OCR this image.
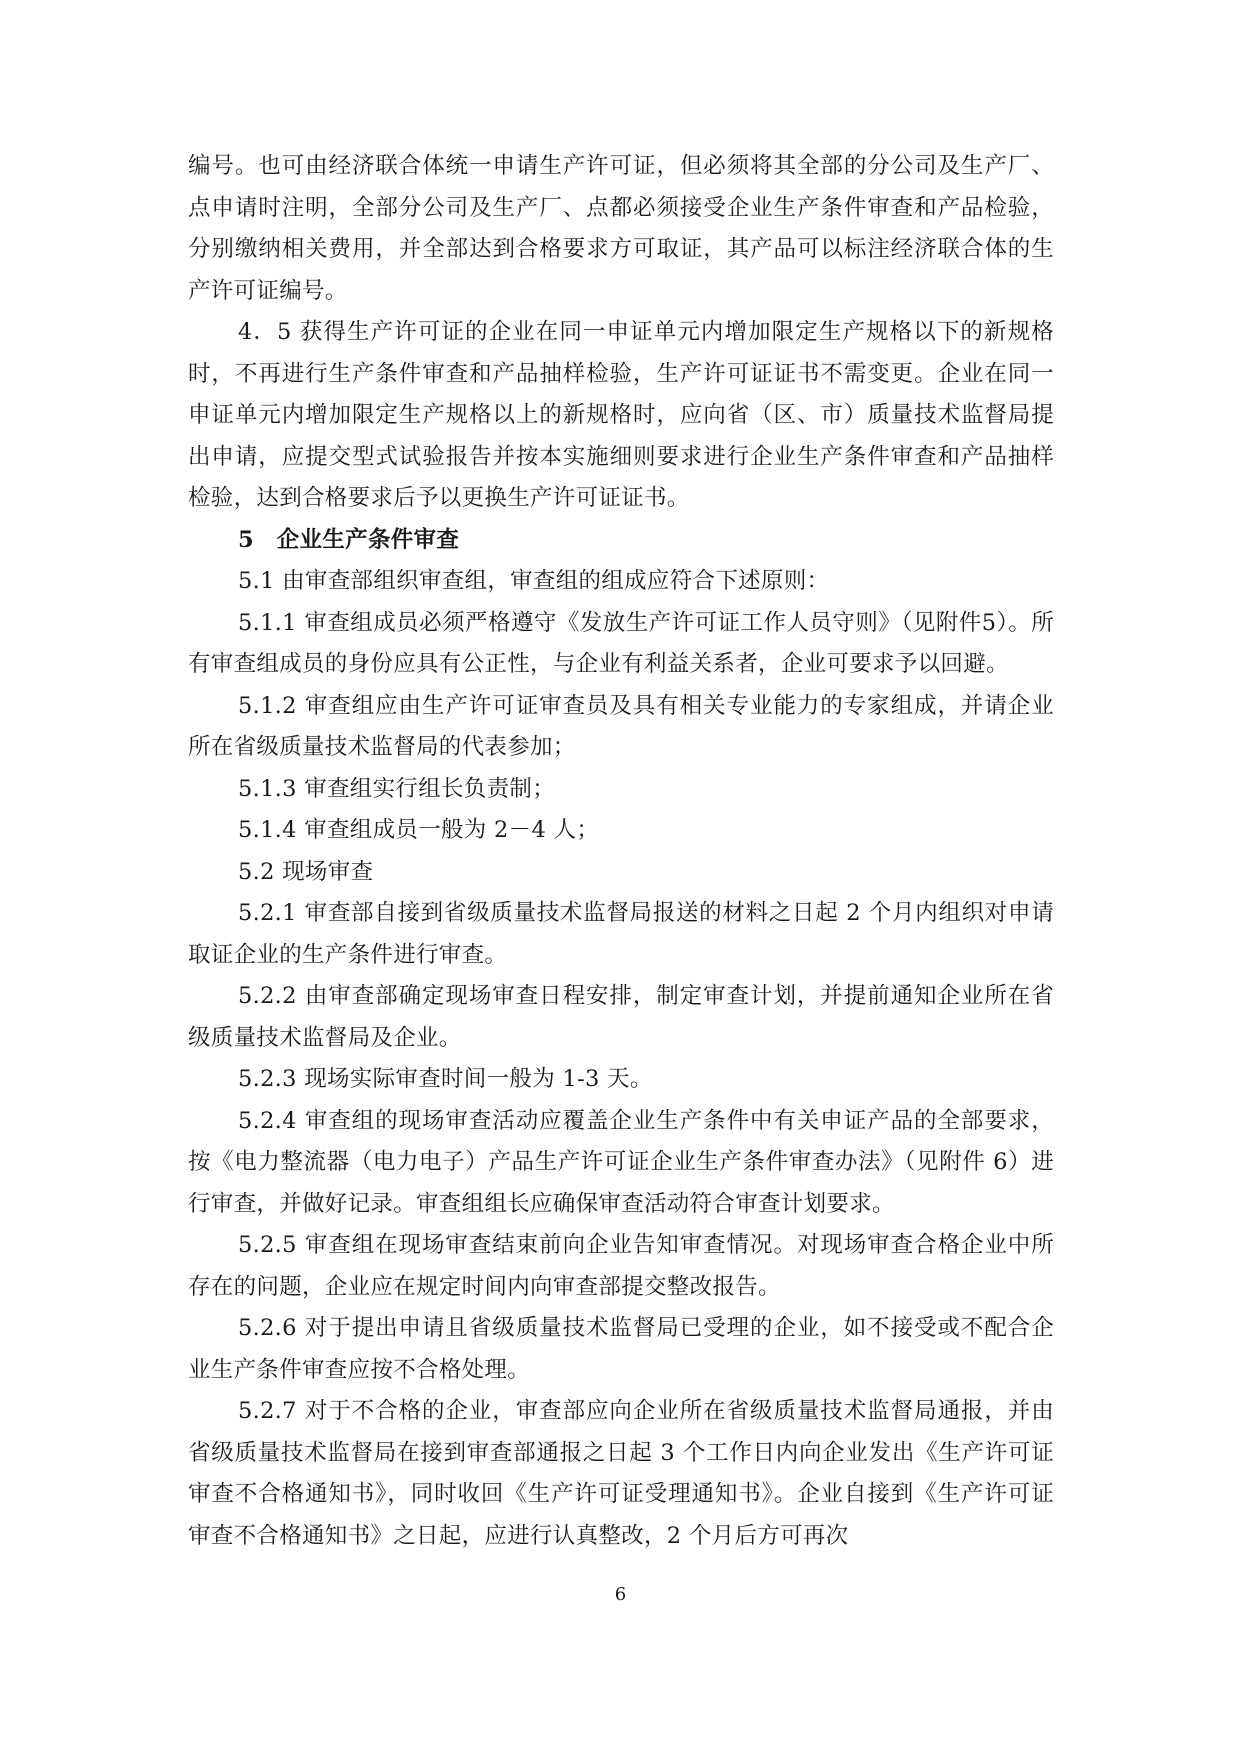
编号。也可由经济联合体统一申请生产许可证，但必须将其全部的分公司及生产厂、点申请时注明，全部分公司及生产厂、点都必须接受企业生产条件审查和产品检验，分别缴纳相关费用，并全部达到合格要求方可取证，其产品可以标注经济联合体的生产许可证编号。

4．5 获得生产许可证的企业在同一申证单元内增加限定生产规格以下的新规格时，不再进行生产条件审查和产品抽样检验，生产许可证证书不需变更。企业在同一申证单元内增加限定生产规格以上的新规格时，应向省（区、市）质量技术监督局提出申请，应提交型式试验报告并按本实施细则要求进行企业生产条件审查和产品抽样检验，达到合格要求后予以更换生产许可证证书。

5　企业生产条件审查

5.1 由审查部组织审查组，审查组的组成应符合下述原则：

5.1.1 审查组成员必须严格遵守《发放生产许可证工作人员守则》（见附件5）。所有审查组成员的身份应具有公正性，与企业有利益关系者，企业可要求予以回避。

5.1.2 审查组应由生产许可证审查员及具有相关专业能力的专家组成，并请企业所在省级质量技术监督局的代表参加；

5.1.3 审查组实行组长负责制；

5.1.4 审查组成员一般为 2－4 人；

5.2 现场审查

5.2.1 审查部自接到省级质量技术监督局报送的材料之日起 2 个月内组织对申请取证企业的生产条件进行审查。

5.2.2 由审查部确定现场审查日程安排，制定审查计划，并提前通知企业所在省级质量技术监督局及企业。

5.2.3 现场实际审查时间一般为 1-3 天。

5.2.4 审查组的现场审查活动应覆盖企业生产条件中有关申证产品的全部要求，按《电力整流器（电力电子）产品生产许可证企业生产条件审查办法》（见附件 6）进行审查，并做好记录。审查组组长应确保审查活动符合审查计划要求。

5.2.5 审查组在现场审查结束前向企业告知审查情况。对现场审查合格企业中所存在的问题，企业应在规定时间内向审查部提交整改报告。

5.2.6 对于提出申请且省级质量技术监督局已受理的企业，如不接受或不配合企业生产条件审查应按不合格处理。

5.2.7 对于不合格的企业，审查部应向企业所在省级质量技术监督局通报，并由省级质量技术监督局在接到审查部通报之日起 3 个工作日内向企业发出《生产许可证审查不合格通知书》，同时收回《生产许可证受理通知书》。企业自接到《生产许可证审查不合格通知书》之日起，应进行认真整改，2 个月后方可再次

6
